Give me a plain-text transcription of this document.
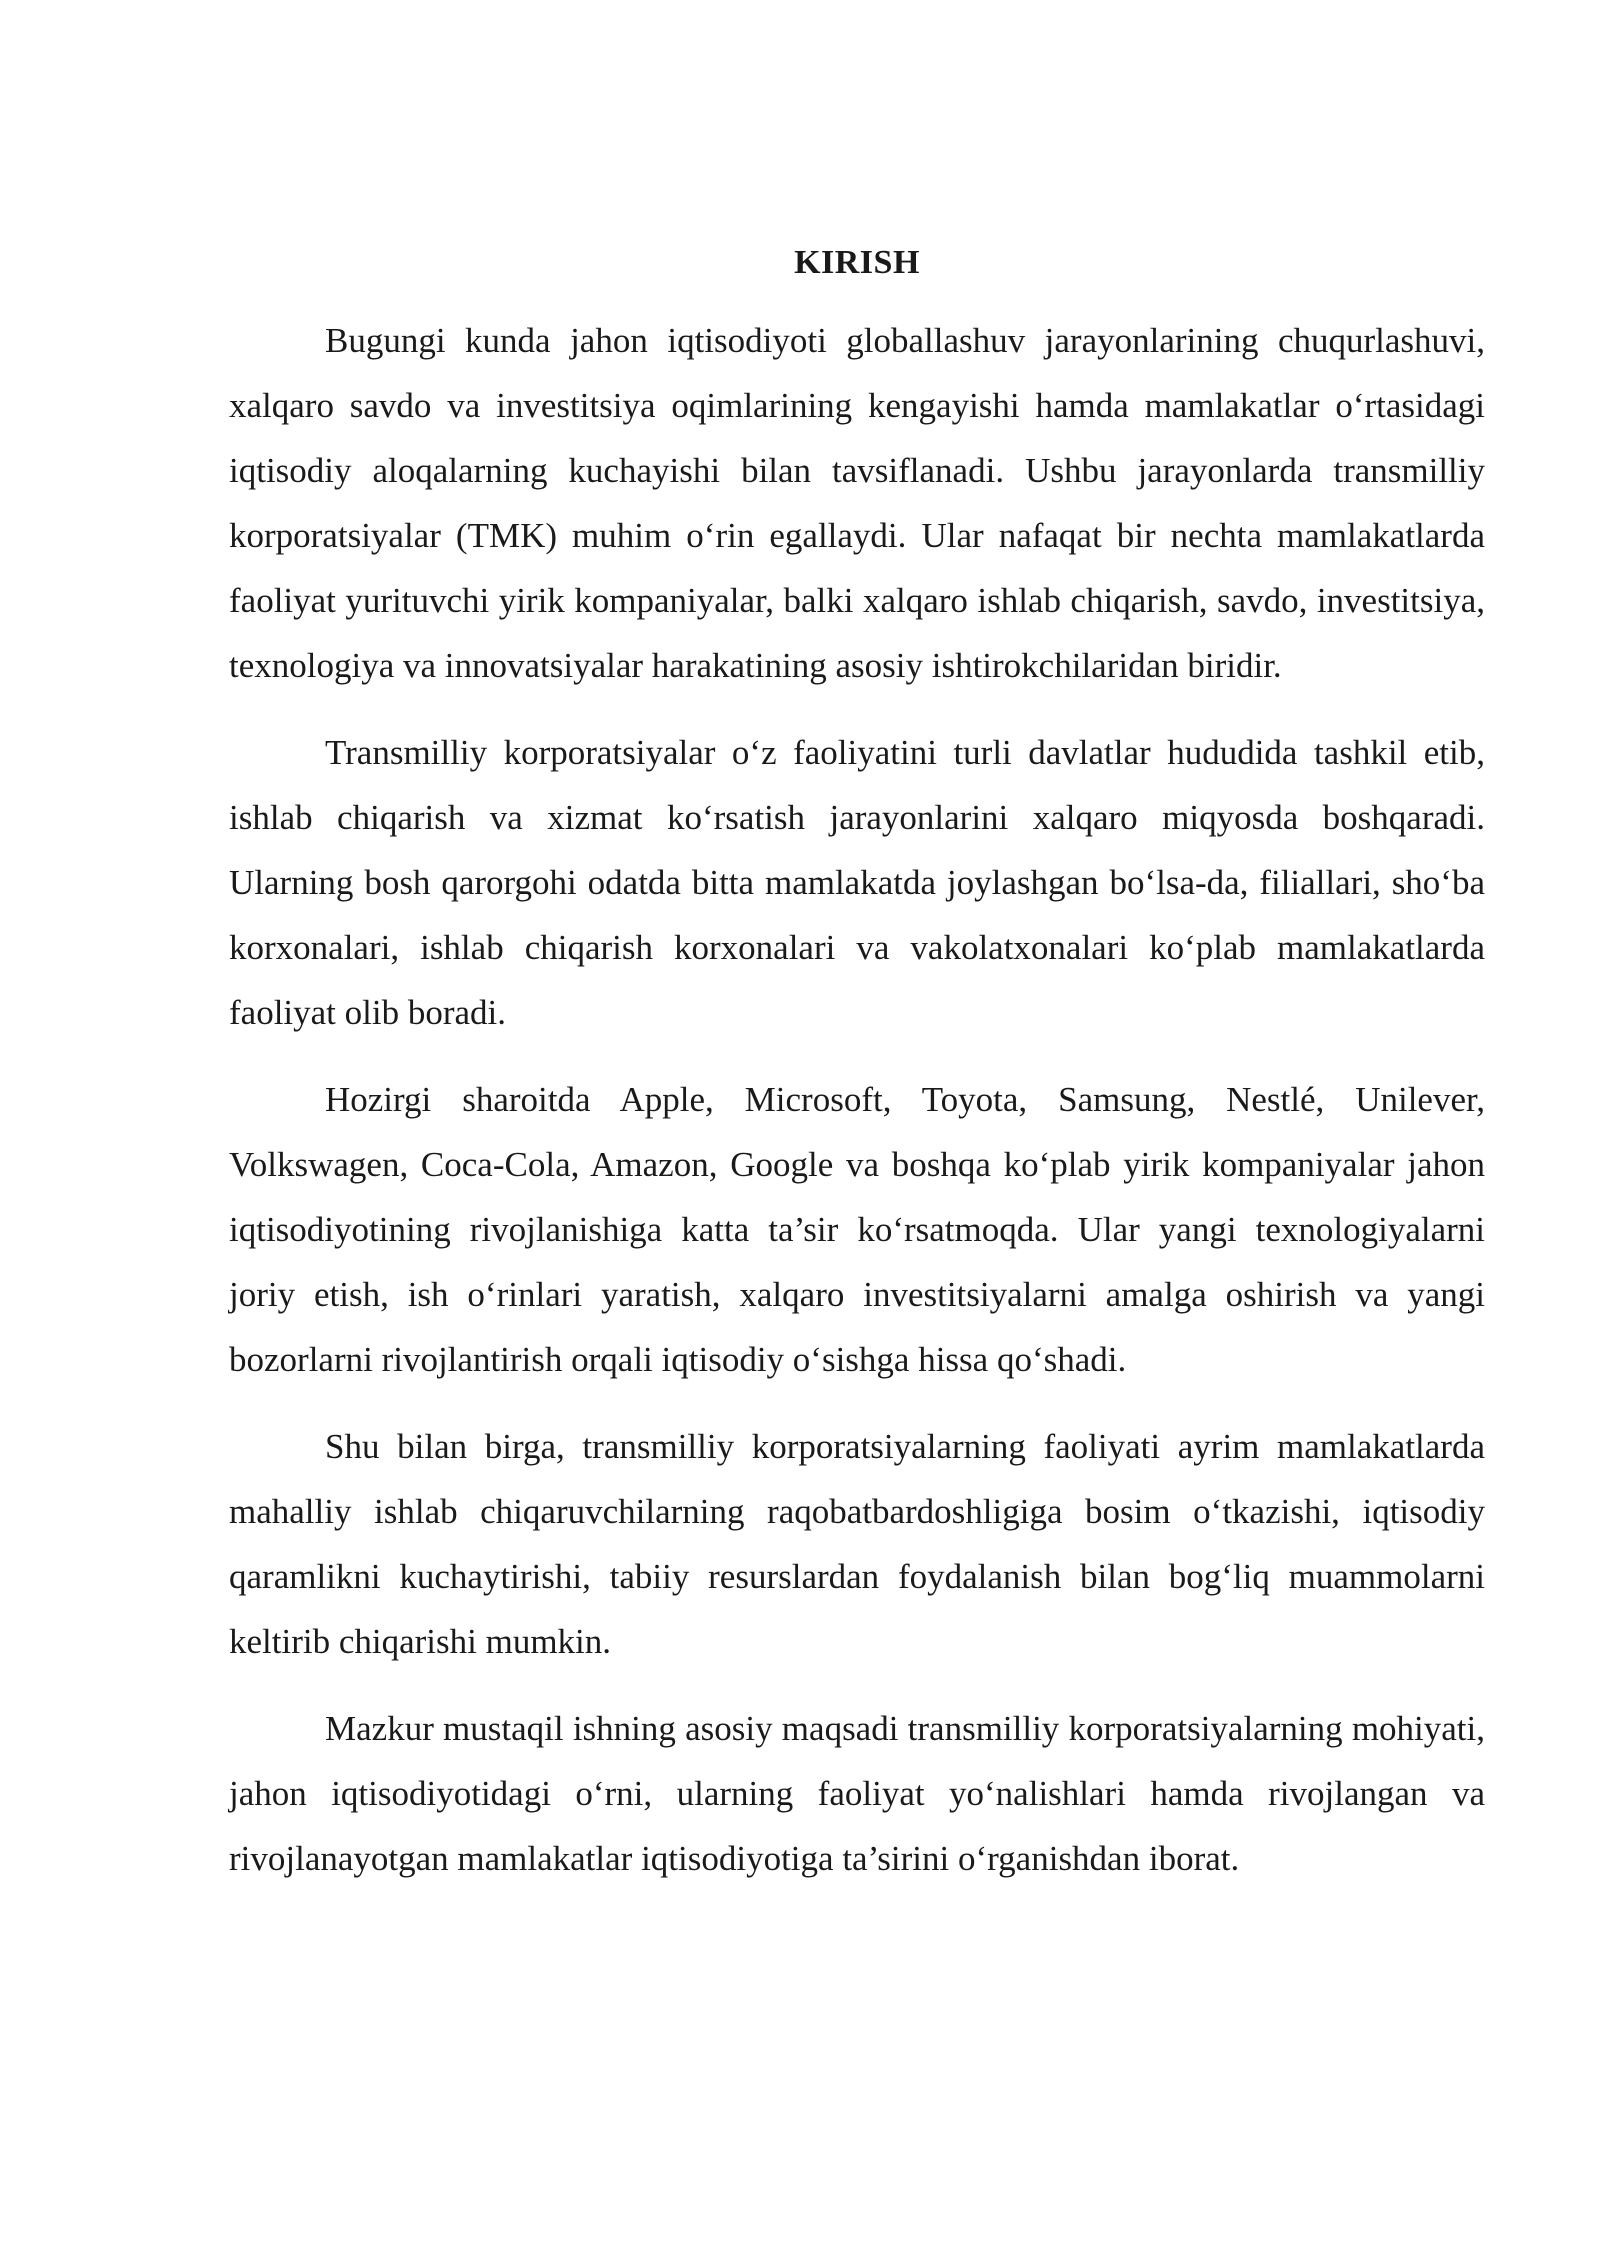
KIRISH

Bugungi kunda jahon iqtisodiyoti globallashuv jarayonlarining chuqurlashuvi, xalqaro savdo va investitsiya oqimlarining kengayishi hamda mamlakatlar o‘rtasidagi iqtisodiy aloqalarning kuchayishi bilan tavsiflanadi. Ushbu jarayonlarda transmilliy korporatsiyalar (TMK) muhim o‘rin egallaydi. Ular nafaqat bir nechta mamlakatlarda faoliyat yurituvchi yirik kompaniyalar, balki xalqaro ishlab chiqarish, savdo, investitsiya, texnologiya va innovatsiyalar harakatining asosiy ishtirokchilaridan biridir.

Transmilliy korporatsiyalar o‘z faoliyatini turli davlatlar hududida tashkil etib, ishlab chiqarish va xizmat ko‘rsatish jarayonlarini xalqaro miqyosda boshqaradi. Ularning bosh qarorgohi odatda bitta mamlakatda joylashgan bo‘lsa-da, filiallari, sho‘ba korxonalari, ishlab chiqarish korxonalari va vakolatxonalari ko‘plab mamlakatlarda faoliyat olib boradi.

Hozirgi sharoitda Apple, Microsoft, Toyota, Samsung, Nestlé, Unilever, Volkswagen, Coca-Cola, Amazon, Google va boshqa ko‘plab yirik kompaniyalar jahon iqtisodiyotining rivojlanishiga katta ta’sir ko‘rsatmoqda. Ular yangi texnologiyalarni joriy etish, ish o‘rinlari yaratish, xalqaro investitsiyalarni amalga oshirish va yangi bozorlarni rivojlantirish orqali iqtisodiy o‘sishga hissa qo‘shadi.

Shu bilan birga, transmilliy korporatsiyalarning faoliyati ayrim mamlakatlarda mahalliy ishlab chiqaruvchilarning raqobatbardoshligiga bosim o‘tkazishi, iqtisodiy qaramlikni kuchaytirishi, tabiiy resurslardan foydalanish bilan bog‘liq muammolarni keltirib chiqarishi mumkin.

Mazkur mustaqil ishning asosiy maqsadi transmilliy korporatsiyalarning mohiyati, jahon iqtisodiyotidagi o‘rni, ularning faoliyat yo‘nalishlari hamda rivojlangan va rivojlanayotgan mamlakatlar iqtisodiyotiga ta’sirini o‘rganishdan iborat.
